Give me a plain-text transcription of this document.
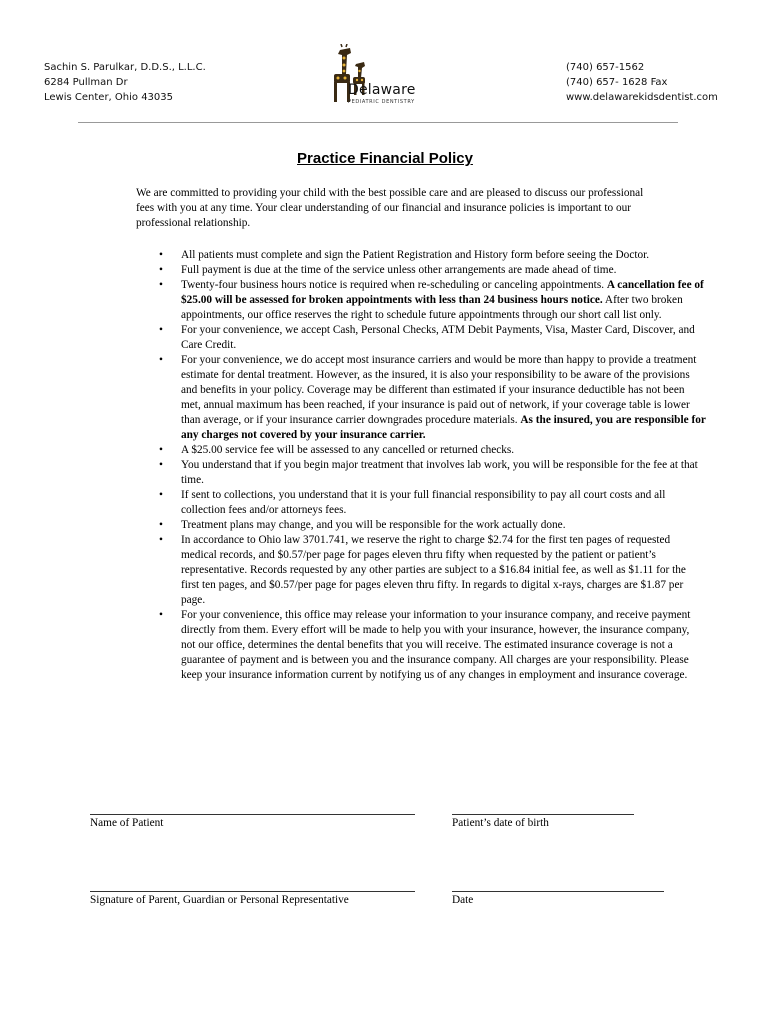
Sachin S. Parulkar, D.D.S., L.L.C.
6284 Pullman Dr
Lewis Center, Ohio 43035	Delaware
PEDIATRIC DENTISTRY
(740) 657-1562
(740) 657- 1628 Fax
www.delawarekidsdentist.com
Practice Financial Policy
We are committed to providing your child with the best possible care and are pleased to discuss our professional fees with you at any time. Your clear understanding of our financial and insurance policies is important to our professional relationship.
• All patients must complete and sign the Patient Registration and History form before seeing the Doctor.
• Full payment is due at the time of the service unless other arrangements are made ahead of time.
• Twenty-four business hours notice is required when re-scheduling or canceling appointments. A cancellation fee of $25.00 will be assessed for broken appointments with less than 24 business hours notice. After two broken appointments, our office reserves the right to schedule future appointments through our short call list only.
• For your convenience, we accept Cash, Personal Checks, ATM Debit Payments, Visa, Master Card, Discover, and Care Credit.
• For your convenience, we do accept most insurance carriers and would be more than happy to provide a treatment estimate for dental treatment. However, as the insured, it is also your responsibility to be aware of the provisions and benefits in your policy. Coverage may be different than estimated if your insurance deductible has not been met, annual maximum has been reached, if your insurance is paid out of network, if your coverage table is lower than average, or if your insurance carrier downgrades procedure materials. As the insured, you are responsible for any charges not covered by your insurance carrier.
• A $25.00 service fee will be assessed to any cancelled or returned checks.
• You understand that if you begin major treatment that involves lab work, you will be responsible for the fee at that time.
• If sent to collections, you understand that it is your full financial responsibility to pay all court costs and all collection fees and/or attorneys fees.
• Treatment plans may change, and you will be responsible for the work actually done.
• In accordance to Ohio law 3701.741, we reserve the right to charge $2.74 for the first ten pages of requested medical records, and $0.57/per page for pages eleven thru fifty when requested by the patient or patient’s representative. Records requested by any other parties are subject to a $16.84 initial fee, as well as $1.11 for the first ten pages, and $0.57/per page for pages eleven thru fifty. In regards to digital x-rays, charges are $1.87 per page.
• For your convenience, this office may release your information to your insurance company, and receive payment directly from them. Every effort will be made to help you with your insurance, however, the insurance company, not our office, determines the dental benefits that you will receive. The estimated insurance coverage is not a guarantee of payment and is between you and the insurance company. All charges are your responsibility. Please keep your insurance information current by notifying us of any changes in employment and insurance coverage.
Name of Patient	Patient’s date of birth
Signature of Parent, Guardian or Personal Representative	Date
